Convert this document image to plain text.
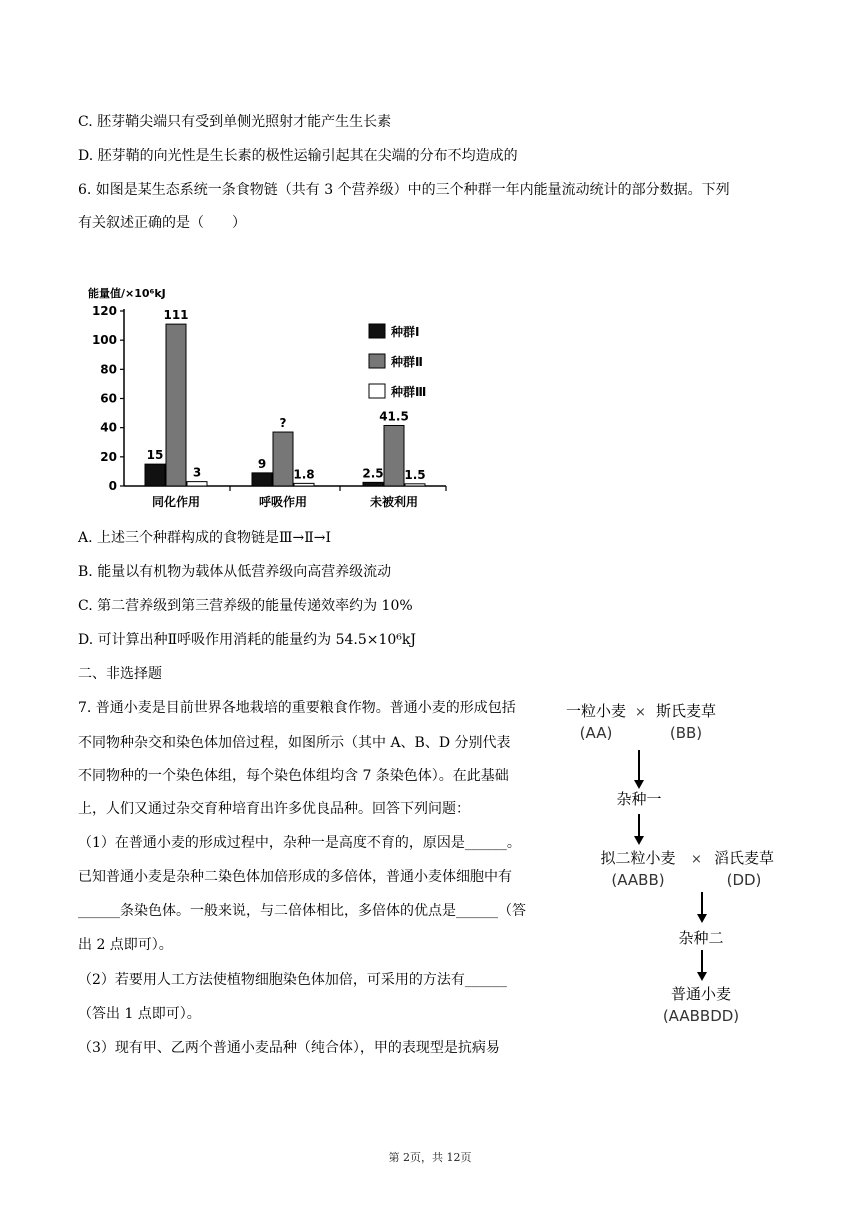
C. 胚芽鞘尖端只有受到单侧光照射才能产生生长素
D. 胚芽鞘的向光性是生长素的极性运输引起其在尖端的分布不均造成的
6. 如图是某生态系统一条食物链（共有 3 个营养级）中的三个种群一年内能量流动统计的部分数据。下列
有关叙述正确的是（　　）
能量值/×10⁶kJ
0
20
40
60
80
100
120
15
111
3
同化作用
9
?
1.8
呼吸作用
2.5
41.5
1.5
未被利用
种群Ⅰ
种群Ⅱ
种群Ⅲ
A. 上述三个种群构成的食物链是Ⅲ→Ⅱ→Ⅰ
B. 能量以有机物为载体从低营养级向高营养级流动
C. 第二营养级到第三营养级的能量传递效率约为 10%
D. 可计算出种Ⅱ呼吸作用消耗的能量约为 54.5×10⁶kJ
二、非选择题
7. 普通小麦是目前世界各地栽培的重要粮食作物。普通小麦的形成包括
不同物种杂交和染色体加倍过程，如图所示（其中 A、B、D 分别代表
不同物种的一个染色体组，每个染色体组均含 7 条染色体）。在此基础
上，人们又通过杂交育种培育出许多优良品种。回答下列问题：
（1）在普通小麦的形成过程中，杂种一是高度不育的，原因是______。
已知普通小麦是杂种二染色体加倍形成的多倍体，普通小麦体细胞中有
______条染色体。一般来说，与二倍体相比，多倍体的优点是______（答
出 2 点即可）。
（2）若要用人工方法使植物细胞染色体加倍，可采用的方法有______
（答出 1 点即可）。
（3）现有甲、乙两个普通小麦品种（纯合体），甲的表现型是抗病易
一粒小麦
(AA)
× 斯氏麦草
(BB)
杂种一
拟二粒小麦
(AABB)
× 滔氏麦草
(DD)
杂种二
普通小麦
(AABBDD)
第 2页，共 12页
